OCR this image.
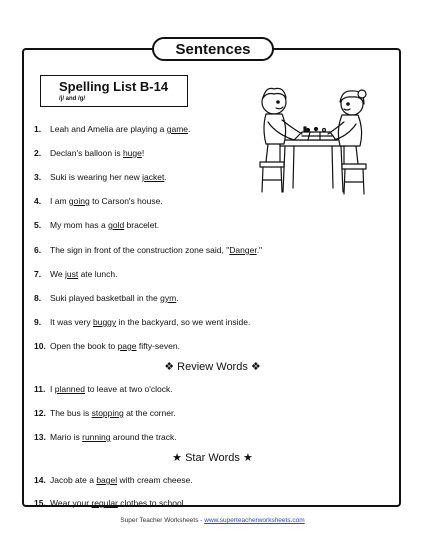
Sentences
Spelling List B-14
/j/ and /g/
1. Leah and Amelia are playing a game.
2. Declan's balloon is huge!
3. Suki is wearing her new jacket.
4. I am going to Carson's house.
5. My mom has a gold bracelet.
6. The sign in front of the construction zone said, "Danger."
7. We just ate lunch.
8. Suki played basketball in the gym.
9. It was very buggy in the backyard, so we went inside.
10. Open the book to page fifty-seven.
❖ Review Words ❖
11. I planned to leave at two o'clock.
12. The bus is stopping at the corner.
13. Mario is running around the track.
★ Star Words ★
14. Jacob ate a bagel with cream cheese.
15. Wear your regular clothes to school.
Super Teacher Worksheets - www.superteacherworksheets.com
